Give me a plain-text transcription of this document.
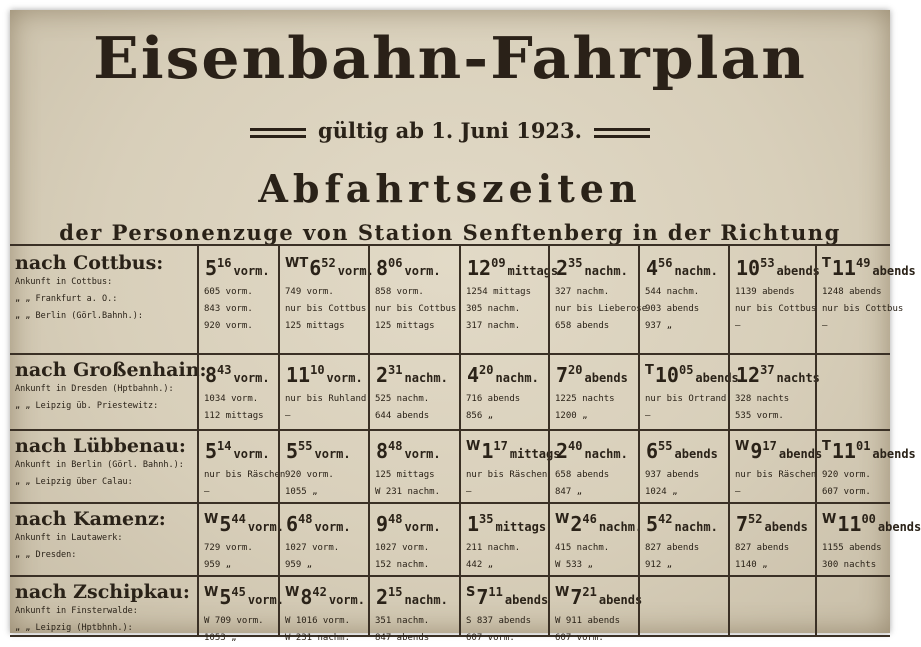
Eisenbahn-Fahrplan
gültig ab 1. Juni 1923.
Abfahrtszeiten
der Personenzuge von Station Senftenberg in der Richtung
nach Cottbus:
Ankunft in Cottbus:
„ „ Frankfurt a. O.:
„ „ Berlin (Görl.Bahnh.):
$5^{16}vorm$.
605 vorm.
843 vorm.
920 vorm.
$^{WT}6^{52}vorm$.
749 vorm.
nur bis Cottbus
125 mittags
$8^{06}vorm$.
858 vorm.
nur bis Cottbus
125 mittags
$12^{09}mittags$
1254 mittags
305 nachm.
317 nachm.
$2^{35}nachm$.
327 nachm.
nur bis Lieberose
658 abends
$4^{56}nachm$.
544 nachm.
903 abends
937 „
$10^{53}abends$
1139 abends
nur bis Cottbus
—
$^T11^{49}abends$
1248 abends
nur bis Cottbus
—
nach Großenhain:
Ankunft in Dresden (Hptbahnh.):
„ „ Leipzig üb. Priestewitz:
$8^{43}vorm$.
1034 vorm.
112 mittags
$11^{10}vorm$.
nur bis Ruhland
—
$2^{31}nachm$.
525 nachm.
644 abends
$4^{20}nachm$.
716 abends
856 „
$7^{20}abends$
1225 nachts
1200 „
$^T10^{05}abends$
nur bis Ortrand
—
$12^{37}nachts$
328 nachts
535 vorm.
nach Lübbenau:
Ankunft in Berlin (Görl. Bahnh.):
„ „ Leipzig über Calau:
$5^{14}vorm$.
nur bis Räschen
—
$5^{55}vorm$.
920 vorm.
1055 „
$8^{48}vorm$.
125 mittags
W 231 nachm.
$^W1^{17}mittags$
nur bis Räschen
—
$2^{40}nachm$.
658 abends
847 „
$6^{55}abends$
937 abends
1024 „
$^W9^{17}abends$
nur bis Räschen
—
$^T11^{01}abends$
920 vorm.
607 vorm.
nach Kamenz:
Ankunft in Lautawerk:
„ „ Dresden:
$^W5^{44}vorm$.
729 vorm.
959 „
$6^{48}vorm$.
1027 vorm.
959 „
$9^{48}vorm$.
1027 vorm.
152 nachm.
$1^{35}mittags$
211 nachm.
442 „
$^W2^{46}nachm$.
415 nachm.
W 533 „
$5^{42}nachm$.
827 abends
912 „
$7^{52}abends$
827 abends
1140 „
$^W11^{00}abends$
1155 abends
300 nachts
nach Zschipkau:
Ankunft in Finsterwalde:
„ „ Leipzig (Hptbhnh.):
$^W5^{45}vorm$.
W 709 vorm.
1053 „
$^W8^{42}vorm$.
W 1016 vorm.
W 231 nachm.
$2^{15}nachm$.
351 nachm.
847 abends
$^S7^{11}abends$
S 837 abends
607 vorm.
$^W7^{21}abends$
W 911 abends
607 vorm.
